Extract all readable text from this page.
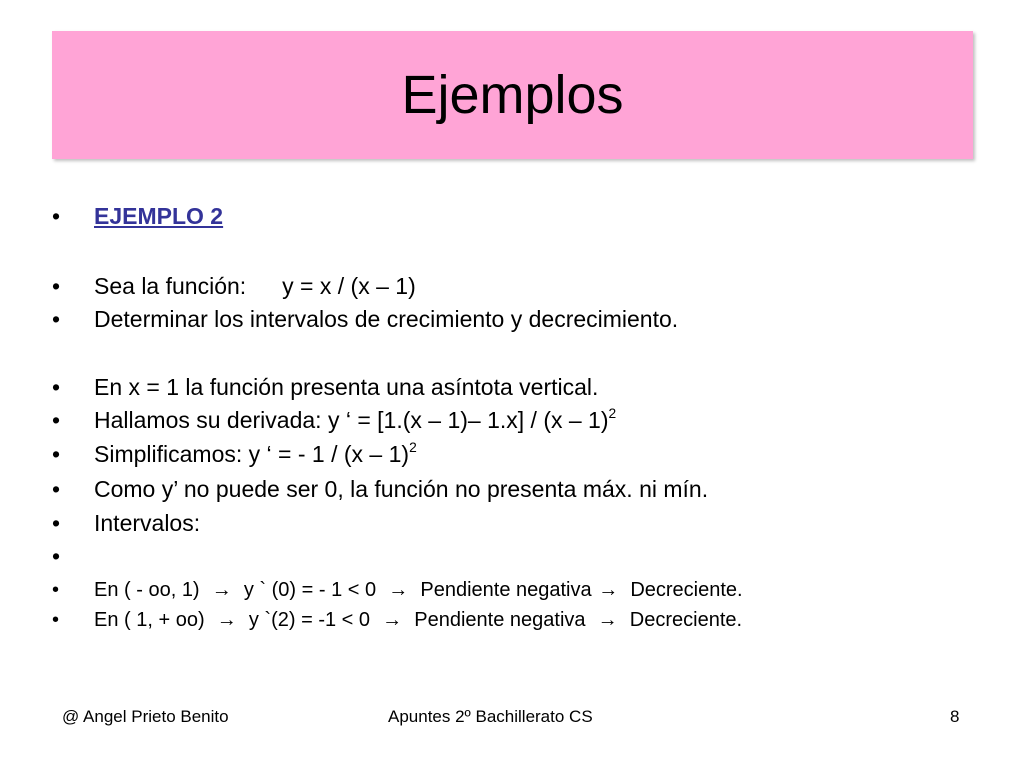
Ejemplos
•	EJEMPLO 2
•	Sea la función: y = x / (x – 1)
•	Determinar los intervalos de crecimiento y decrecimiento.
•	En x = 1 la función presenta una asíntota vertical.
•	Hallamos su derivada: y ‘ = [1.(x – 1)– 1.x] / (x – 1)$^2$
•	Simplificamos: y ‘ = - 1 / (x – 1)$^2$
•	Como y’ no puede ser 0, la función no presenta máx. ni mín.
•	Intervalos:
•
•	En ( - oo, 1) → y ` (0) = - 1 < 0 → Pendiente negativa → Decreciente.
•	En ( 1, + oo) → y `(2) = -1 < 0 → Pendiente negativa → Decreciente.
@ Angel Prieto Benito	Apuntes 2º Bachillerato CS	8
